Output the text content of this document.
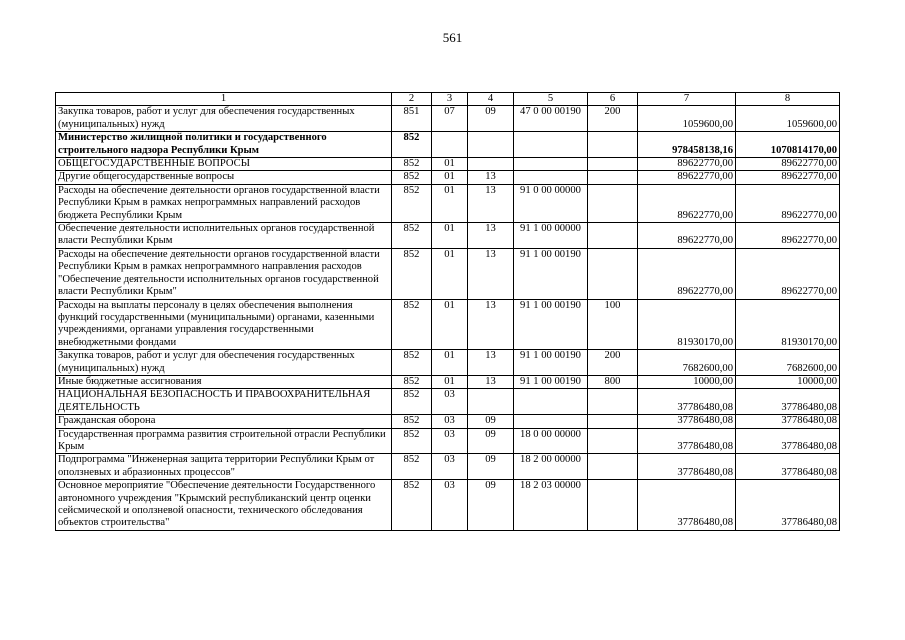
561
1	2	3	4	5	6	7	8
Закупка товаров, работ и услуг для обеспечения государственных (муниципальных) нужд	851	07	09	47 0 00 00190	200	1059600,00	1059600,00
Министерство жилищной политики и государственного строительного надзора Республики Крым	852					978458138,16	1070814170,00
ОБЩЕГОСУДАРСТВЕННЫЕ ВОПРОСЫ	852	01				89622770,00	89622770,00
Другие общегосударственные вопросы	852	01	13			89622770,00	89622770,00
Расходы на обеспечение деятельности органов государственной власти Республики Крым в рамках непрограммных направлений расходов бюджета Республики Крым	852	01	13	91 0 00 00000		89622770,00	89622770,00
Обеспечение деятельности исполнительных органов государственной власти Республики Крым	852	01	13	91 1 00 00000		89622770,00	89622770,00
Расходы на обеспечение деятельности органов государственной власти Республики Крым в рамках непрограммного направления расходов "Обеспечение деятельности исполнительных органов государственной власти Республики Крым"	852	01	13	91 1 00 00190		89622770,00	89622770,00
Расходы на выплаты персоналу в целях обеспечения выполнения функций государственными (муниципальными) органами, казенными учреждениями, органами управления государственными внебюджетными фондами	852	01	13	91 1 00 00190	100	81930170,00	81930170,00
Закупка товаров, работ и услуг для обеспечения государственных (муниципальных) нужд	852	01	13	91 1 00 00190	200	7682600,00	7682600,00
Иные бюджетные ассигнования	852	01	13	91 1 00 00190	800	10000,00	10000,00
НАЦИОНАЛЬНАЯ БЕЗОПАСНОСТЬ И ПРАВООХРАНИТЕЛЬНАЯ ДЕЯТЕЛЬНОСТЬ	852	03				37786480,08	37786480,08
Гражданская оборона	852	03	09			37786480,08	37786480,08
Государственная программа развития строительной отрасли Республики Крым	852	03	09	18 0 00 00000		37786480,08	37786480,08
Подпрограмма "Инженерная защита территории Республики Крым от оползневых и абразионных процессов"	852	03	09	18 2 00 00000		37786480,08	37786480,08
Основное мероприятие "Обеспечение деятельности Государственного автономного учреждения "Крымский республиканский центр оценки сейсмической и оползневой опасности, технического обследования объектов строительства"	852	03	09	18 2 03 00000		37786480,08	37786480,08
